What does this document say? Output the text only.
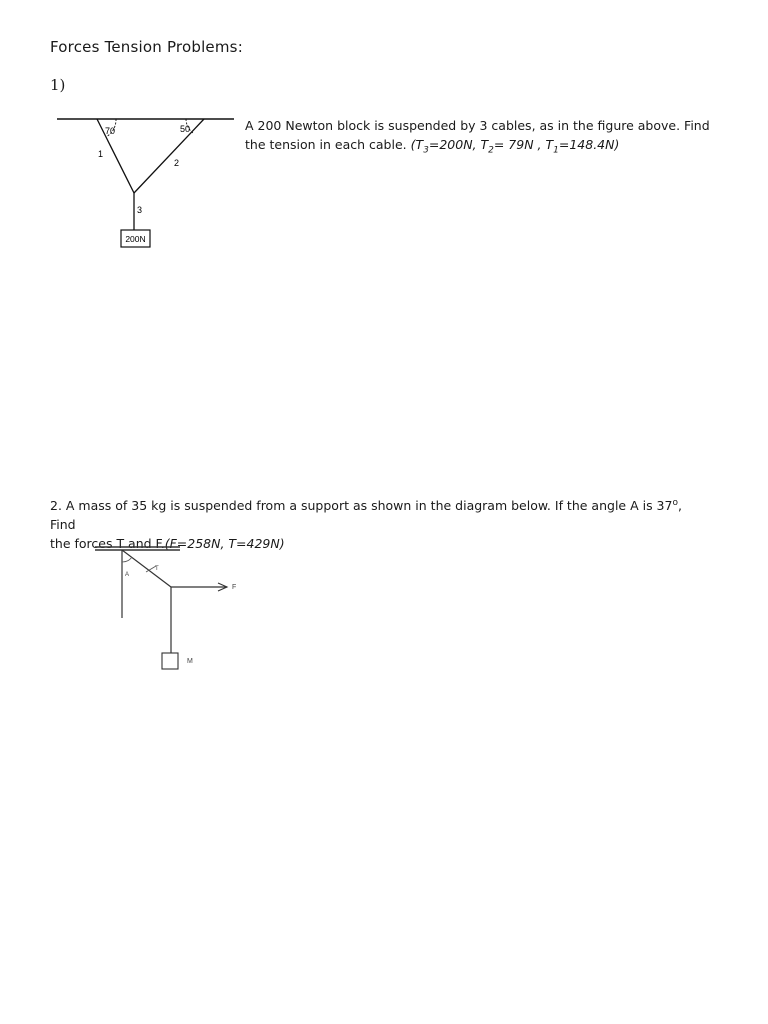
Forces Tension Problems:
1)
70	50
1
2
3
200N
A 200 Newton block is suspended by 3 cables, as in the figure above. Find the tension in each cable. ($T_3=200N$, $T_2= 79N$ , $T_1=148.4N$)
2. A mass of 35 kg is suspended from a support as shown in the diagram below. If the angle A is 37$^o$, Find
the forces T and F.(F=258N, T=429N)
A
T
F
M
